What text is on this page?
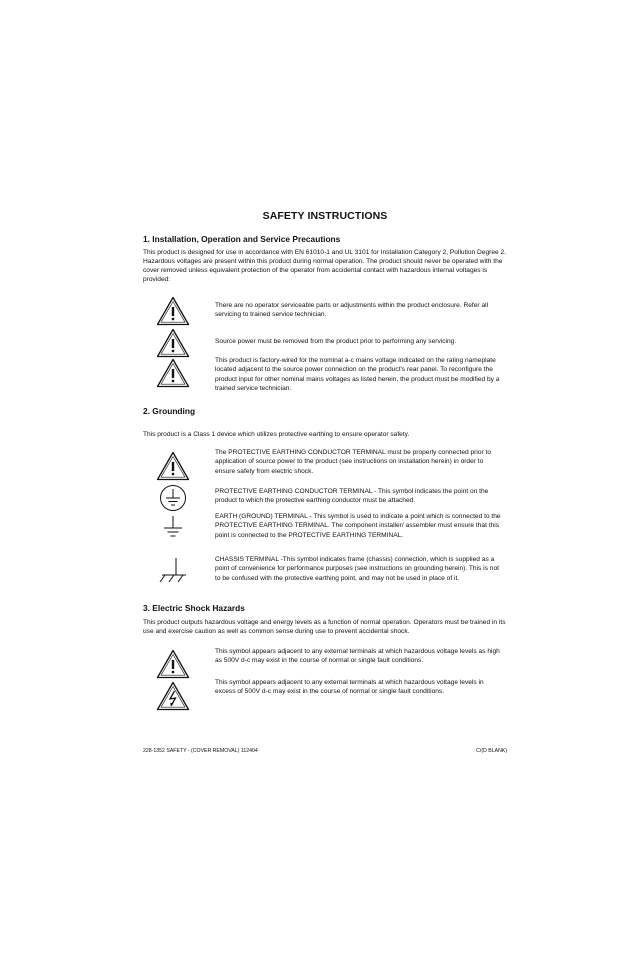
SAFETY INSTRUCTIONS
1. Installation, Operation and Service Precautions
This product is designed for use in accordance with EN 61010-1 and UL 3101 for Installation Category 2, Pollution Degree 2. Hazardous voltages are present within this product during normal operation. The product should never be operated with the cover removed unless equivalent protection of the operator from accidental contact with hazardous internal voltages is provided:
There are no operator serviceable parts or adjustments within the product enclosure. Refer all servicing to trained service technician.
Source power must be removed from the product prior to performing any servicing.
This product is factory-wired for the nominal a-c mains voltage indicated on the rating nameplate located adjacent to the source power connection on the product's rear panel. To reconfigure the product input for other nominal mains voltages as listed herein, the product must be modified by a trained service technician.
2. Grounding
This product is a Class 1 device which utilizes protective earthing to ensure operator safety.
The PROTECTIVE EARTHING CONDUCTOR TERMINAL must be properly connected prior to application of source power to the product (see instructions on installation herein) in order to ensure safety from electric shock.
PROTECTIVE EARTHING CONDUCTOR TERMINAL - This symbol indicates the point on the product to which the protective earthing conductor must be attached.
EARTH (GROUND) TERMINAL - This symbol is used to indicate a point which is connected to the PROTECTIVE EARTHING TERMINAL. The component installer/ assembler must ensure that this point is connected to the PROTECTIVE EARTHING TERMINAL.
CHASSIS TERMINAL -This symbol indicates frame (chassis) connection, which is supplied as a point of convenience for performance purposes (see instructions on grounding herein). This is not to be confused with the protective earthing point, and may not be used in place of it.
3. Electric Shock Hazards
This product outputs hazardous voltage and energy levels as a function of normal operation. Operators must be trained in its use and exercise caution as well as common sense during use to prevent accidental shock.
This symbol appears adjacent to any external terminals at which hazardous voltage levels as high as 500V d-c may exist in the course of normal or single fault conditions.
This symbol appears adjacent to any external terminals at which hazardous voltage levels in excess of 500V d-c may exist in the course of normal or single fault conditions.
228-1352 SAFETY - (COVER REMOVAL) 112404	C/(D BLANK)
